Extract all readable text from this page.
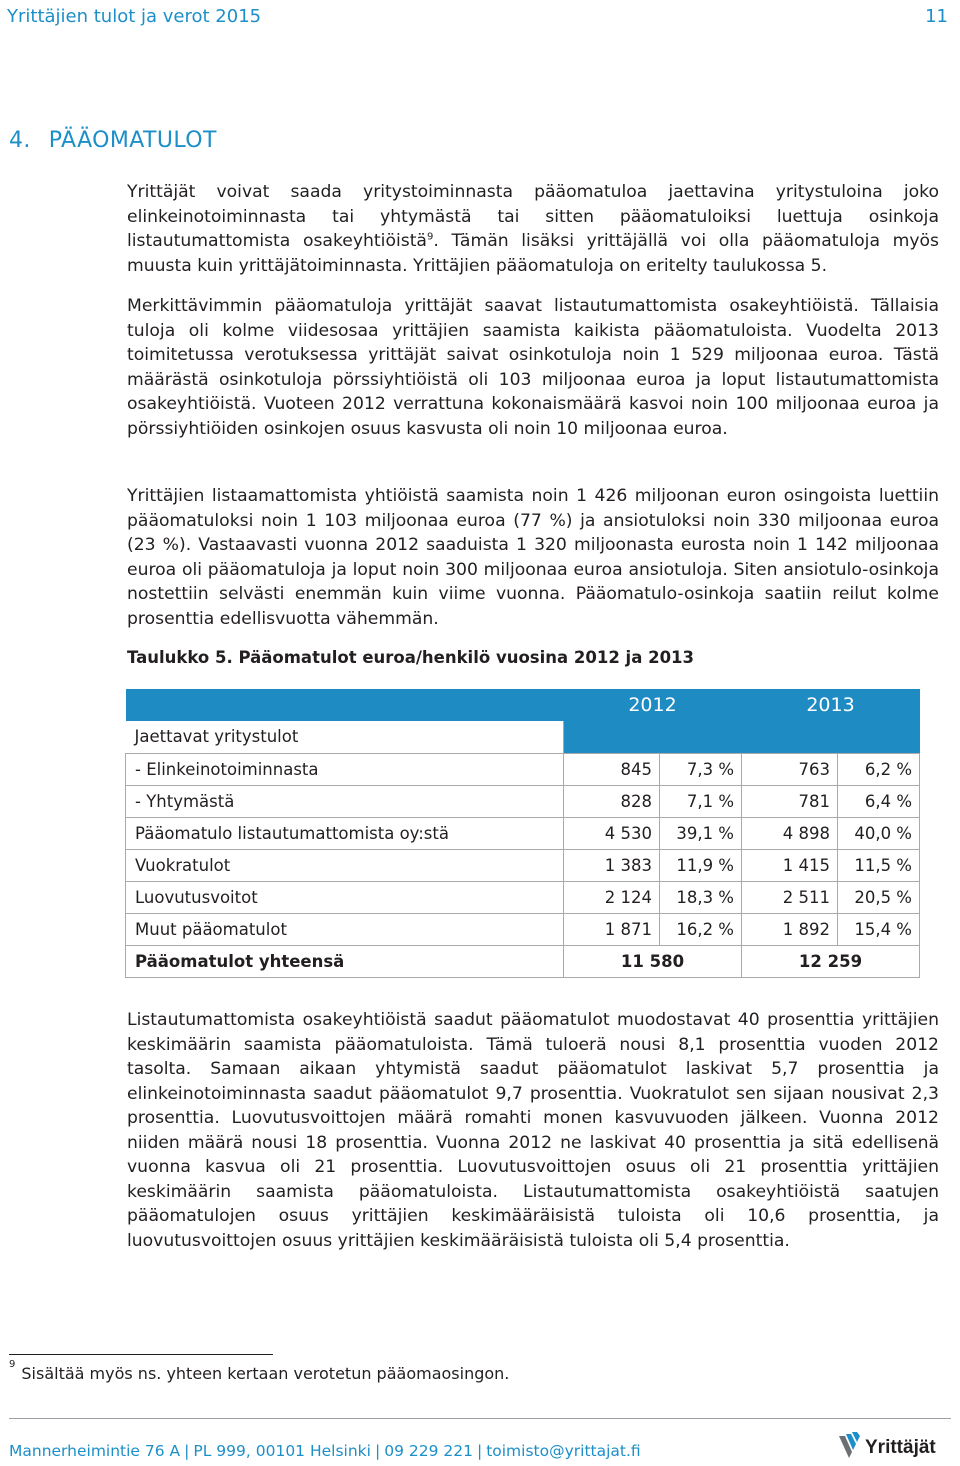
Yrittäjien tulot ja verot 2015	11
4. PÄÄOMATULOT
Yrittäjät voivat saada yritystoiminnasta pääomatuloa jaettavina yritystuloina joko elinkeinotoiminnasta tai yhtymästä tai sitten pääomatuloiksi luettuja osinkoja listautumattomista osakeyhtiöistä$^9$. Tämän lisäksi yrittäjällä voi olla pääomatuloja myös muusta kuin yrittäjätoiminnasta. Yrittäjien pääomatuloja on eritelty taulukossa 5.
Merkittävimmin pääomatuloja yrittäjät saavat listautumattomista osakeyhtiöistä. Tällaisia tuloja oli kolme viidesosaa yrittäjien saamista kaikista pääomatuloista. Vuodelta 2013 toimitetussa verotuksessa yrittäjät saivat osinkotuloja noin 1 529 miljoonaa euroa. Tästä määrästä osinkotuloja pörssiyhtiöistä oli 103 miljoonaa euroa ja loput listautumattomista osakeyhtiöistä. Vuoteen 2012 verrattuna kokonaismäärä kasvoi noin 100 miljoonaa euroa ja pörssiyhtiöiden osinkojen osuus kasvusta oli noin 10 miljoonaa euroa.
Yrittäjien listaamattomista yhtiöistä saamista noin 1 426 miljoonan euron osingoista luettiin pääomatuloksi noin 1 103 miljoonaa euroa (77 %) ja ansiotuloksi noin 330 miljoonaa euroa (23 %). Vastaavasti vuonna 2012 saaduista 1 320 miljoonasta eurosta noin 1 142 miljoonaa euroa oli pääomatuloja ja loput noin 300 miljoonaa euroa ansiotuloja. Siten ansiotulo-osinkoja nostettiin selvästi enemmän kuin viime vuonna. Pääomatulo-osinkoja saatiin reilut kolme prosenttia edellisvuotta vähemmän.
Taulukko 5. Pääomatulot euroa/henkilö vuosina 2012 ja 2013
	2012		2013	
Jaettavat yritystulot				
- Elinkeinotoiminnasta	845	7,3 %	763	6,2 %
- Yhtymästä	828	7,1 %	781	6,4 %
Pääomatulo listautumattomista oy:stä	4 530	39,1 %	4 898	40,0 %
Vuokratulot	1 383	11,9 %	1 415	11,5 %
Luovutusvoitot	2 124	18,3 %	2 511	20,5 %
Muut pääomatulot	1 871	16,2 %	1 892	15,4 %
Pääomatulot yhteensä	11 580		12 259	
Listautumattomista osakeyhtiöistä saadut pääomatulot muodostavat 40 prosenttia yrittäjien keskimäärin saamista pääomatuloista. Tämä tuloerä nousi 8,1 prosenttia vuoden 2012 tasolta. Samaan aikaan yhtymistä saadut pääomatulot laskivat 5,7 prosenttia ja elinkeinotoiminnasta saadut pääomatulot 9,7 prosenttia. Vuokratulot sen sijaan nousivat 2,3 prosenttia. Luovutusvoittojen määrä romahti monen kasvuvuoden jälkeen. Vuonna 2012 niiden määrä nousi 18 prosenttia. Vuonna 2012 ne laskivat 40 prosenttia ja sitä edellisenä vuonna kasvua oli 21 prosenttia. Luovutusvoittojen osuus oli 21 prosenttia yrittäjien keskimäärin saamista pääomatuloista. Listautumattomista osakeyhtiöistä saatujen pääomatulojen osuus yrittäjien keskimääräisistä tuloista oli 10,6 prosenttia, ja luovutusvoittojen osuus yrittäjien keskimääräisistä tuloista oli 5,4 prosenttia.
$^9$ Sisältää myös ns. yhteen kertaan verotetun pääomaosingon.
Mannerheimintie 76 A | PL 999, 00101 Helsinki | 09 229 221 | toimisto@yrittajat.fi	Yrittäjät
